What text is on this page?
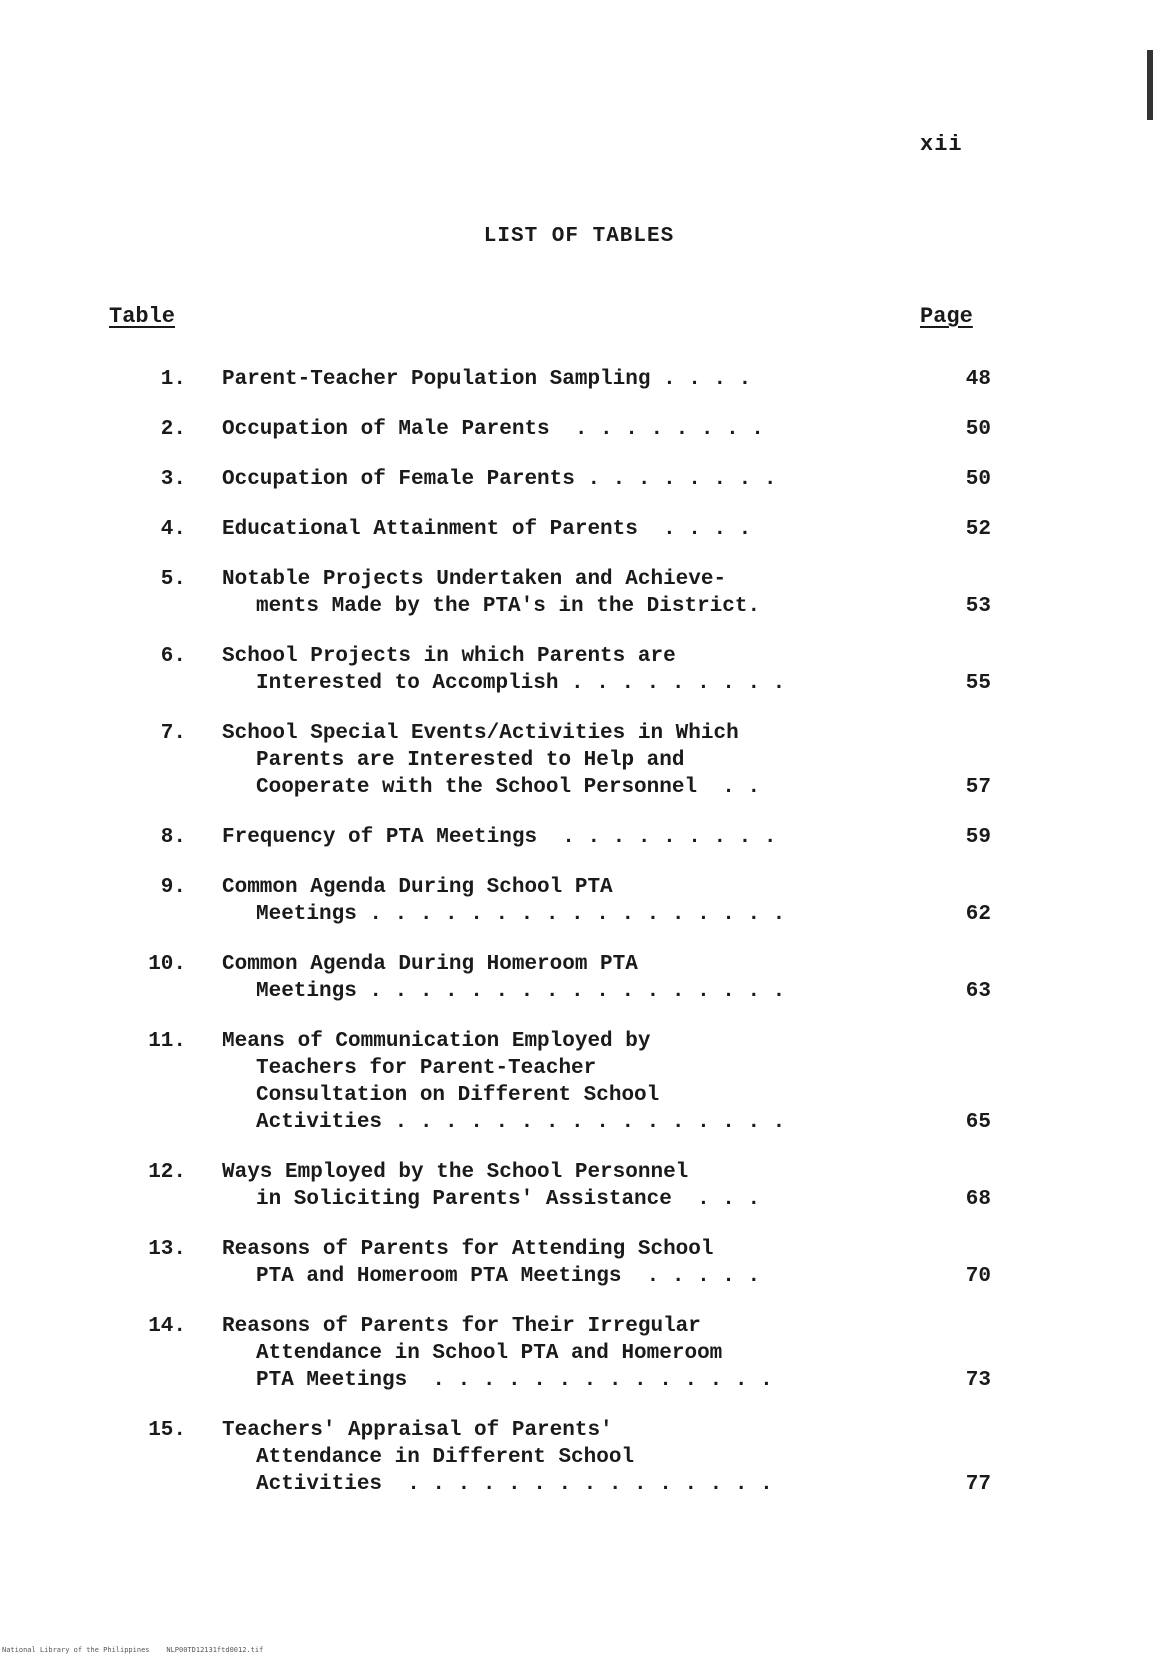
xii
LIST OF TABLES
Table	Page
1. Parent-Teacher Population Sampling . . . .	48
2. Occupation of Male Parents  . . . . . . . .	50
3. Occupation of Female Parents . . . . . . . .	50
4. Educational Attainment of Parents  . . . .	52
5. Notable Projects Undertaken and Achieve-
ments Made by the PTA's in the District.	53
6. School Projects in which Parents are
Interested to Accomplish . . . . . . . . .	55
7. School Special Events/Activities in Which
Parents are Interested to Help and
Cooperate with the School Personnel  . .	57
8. Frequency of PTA Meetings  . . . . . . . . .	59
9. Common Agenda During School PTA
Meetings . . . . . . . . . . . . . . . . .	62
10. Common Agenda During Homeroom PTA
Meetings . . . . . . . . . . . . . . . . .	63
11. Means of Communication Employed by
Teachers for Parent-Teacher
Consultation on Different School
Activities . . . . . . . . . . . . . . . .	65
12. Ways Employed by the School Personnel
in Soliciting Parents' Assistance  . . .	68
13. Reasons of Parents for Attending School
PTA and Homeroom PTA Meetings  . . . . .	70
14. Reasons of Parents for Their Irregular
Attendance in School PTA and Homeroom
PTA Meetings  . . . . . . . . . . . . . .	73
15. Teachers' Appraisal of Parents'
Attendance in Different School
Activities  . . . . . . . . . . . . . . .	77
National Library of the Philippines    NLP00TD12131ftd0012.tif
